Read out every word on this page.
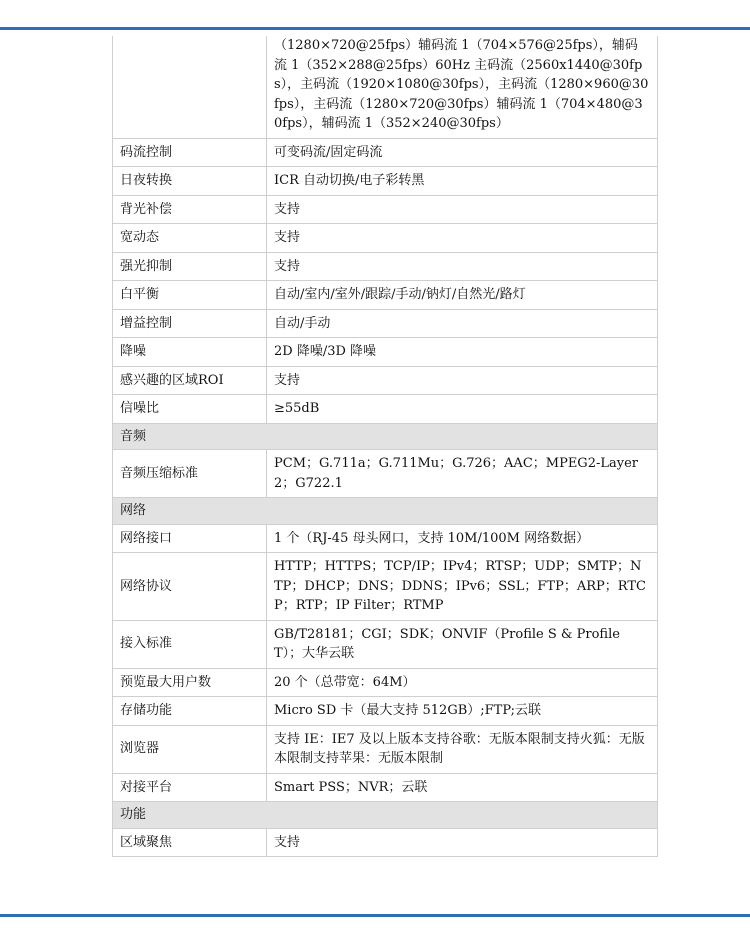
	（1280×720@25fps）辅码流 1（704×576@25fps），辅码流 1（352×288@25fps）60Hz 主码流（2560x1440@30fps），主码流（1920×1080@30fps），主码流（1280×960@30fps），主码流（1280×720@30fps）辅码流 1（704×480@30fps），辅码流 1（352×240@30fps）
码流控制	可变码流/固定码流
日夜转换	ICR 自动切换/电子彩转黑
背光补偿	支持
宽动态	支持
强光抑制	支持
白平衡	自动/室内/室外/跟踪/手动/钠灯/自然光/路灯
增益控制	自动/手动
降噪	2D 降噪/3D 降噪
感兴趣的区域ROI	支持
信噪比	≥55dB
音频	
音频压缩标准	PCM；G.711a；G.711Mu；G.726；AAC；MPEG2-Layer2；G722.1
网络	
网络接口	1 个（RJ-45 母头网口，支持 10M/100M 网络数据）
网络协议	HTTP；HTTPS；TCP/IP；IPv4；RTSP；UDP；SMTP；NTP；DHCP；DNS；DDNS；IPv6；SSL；FTP；ARP；RTCP；RTP；IP Filter；RTMP
接入标准	GB/T28181；CGI；SDK；ONVIF（Profile S & Profile T）；大华云联
预览最大用户数	20 个（总带宽：64M）
存储功能	Micro SD 卡（最大支持 512GB）;FTP;云联
浏览器	支持 IE：IE7 及以上版本支持谷歌：无版本限制支持火狐：无版本限制支持苹果：无版本限制
对接平台	Smart PSS；NVR；云联
功能	
区域聚焦	支持
